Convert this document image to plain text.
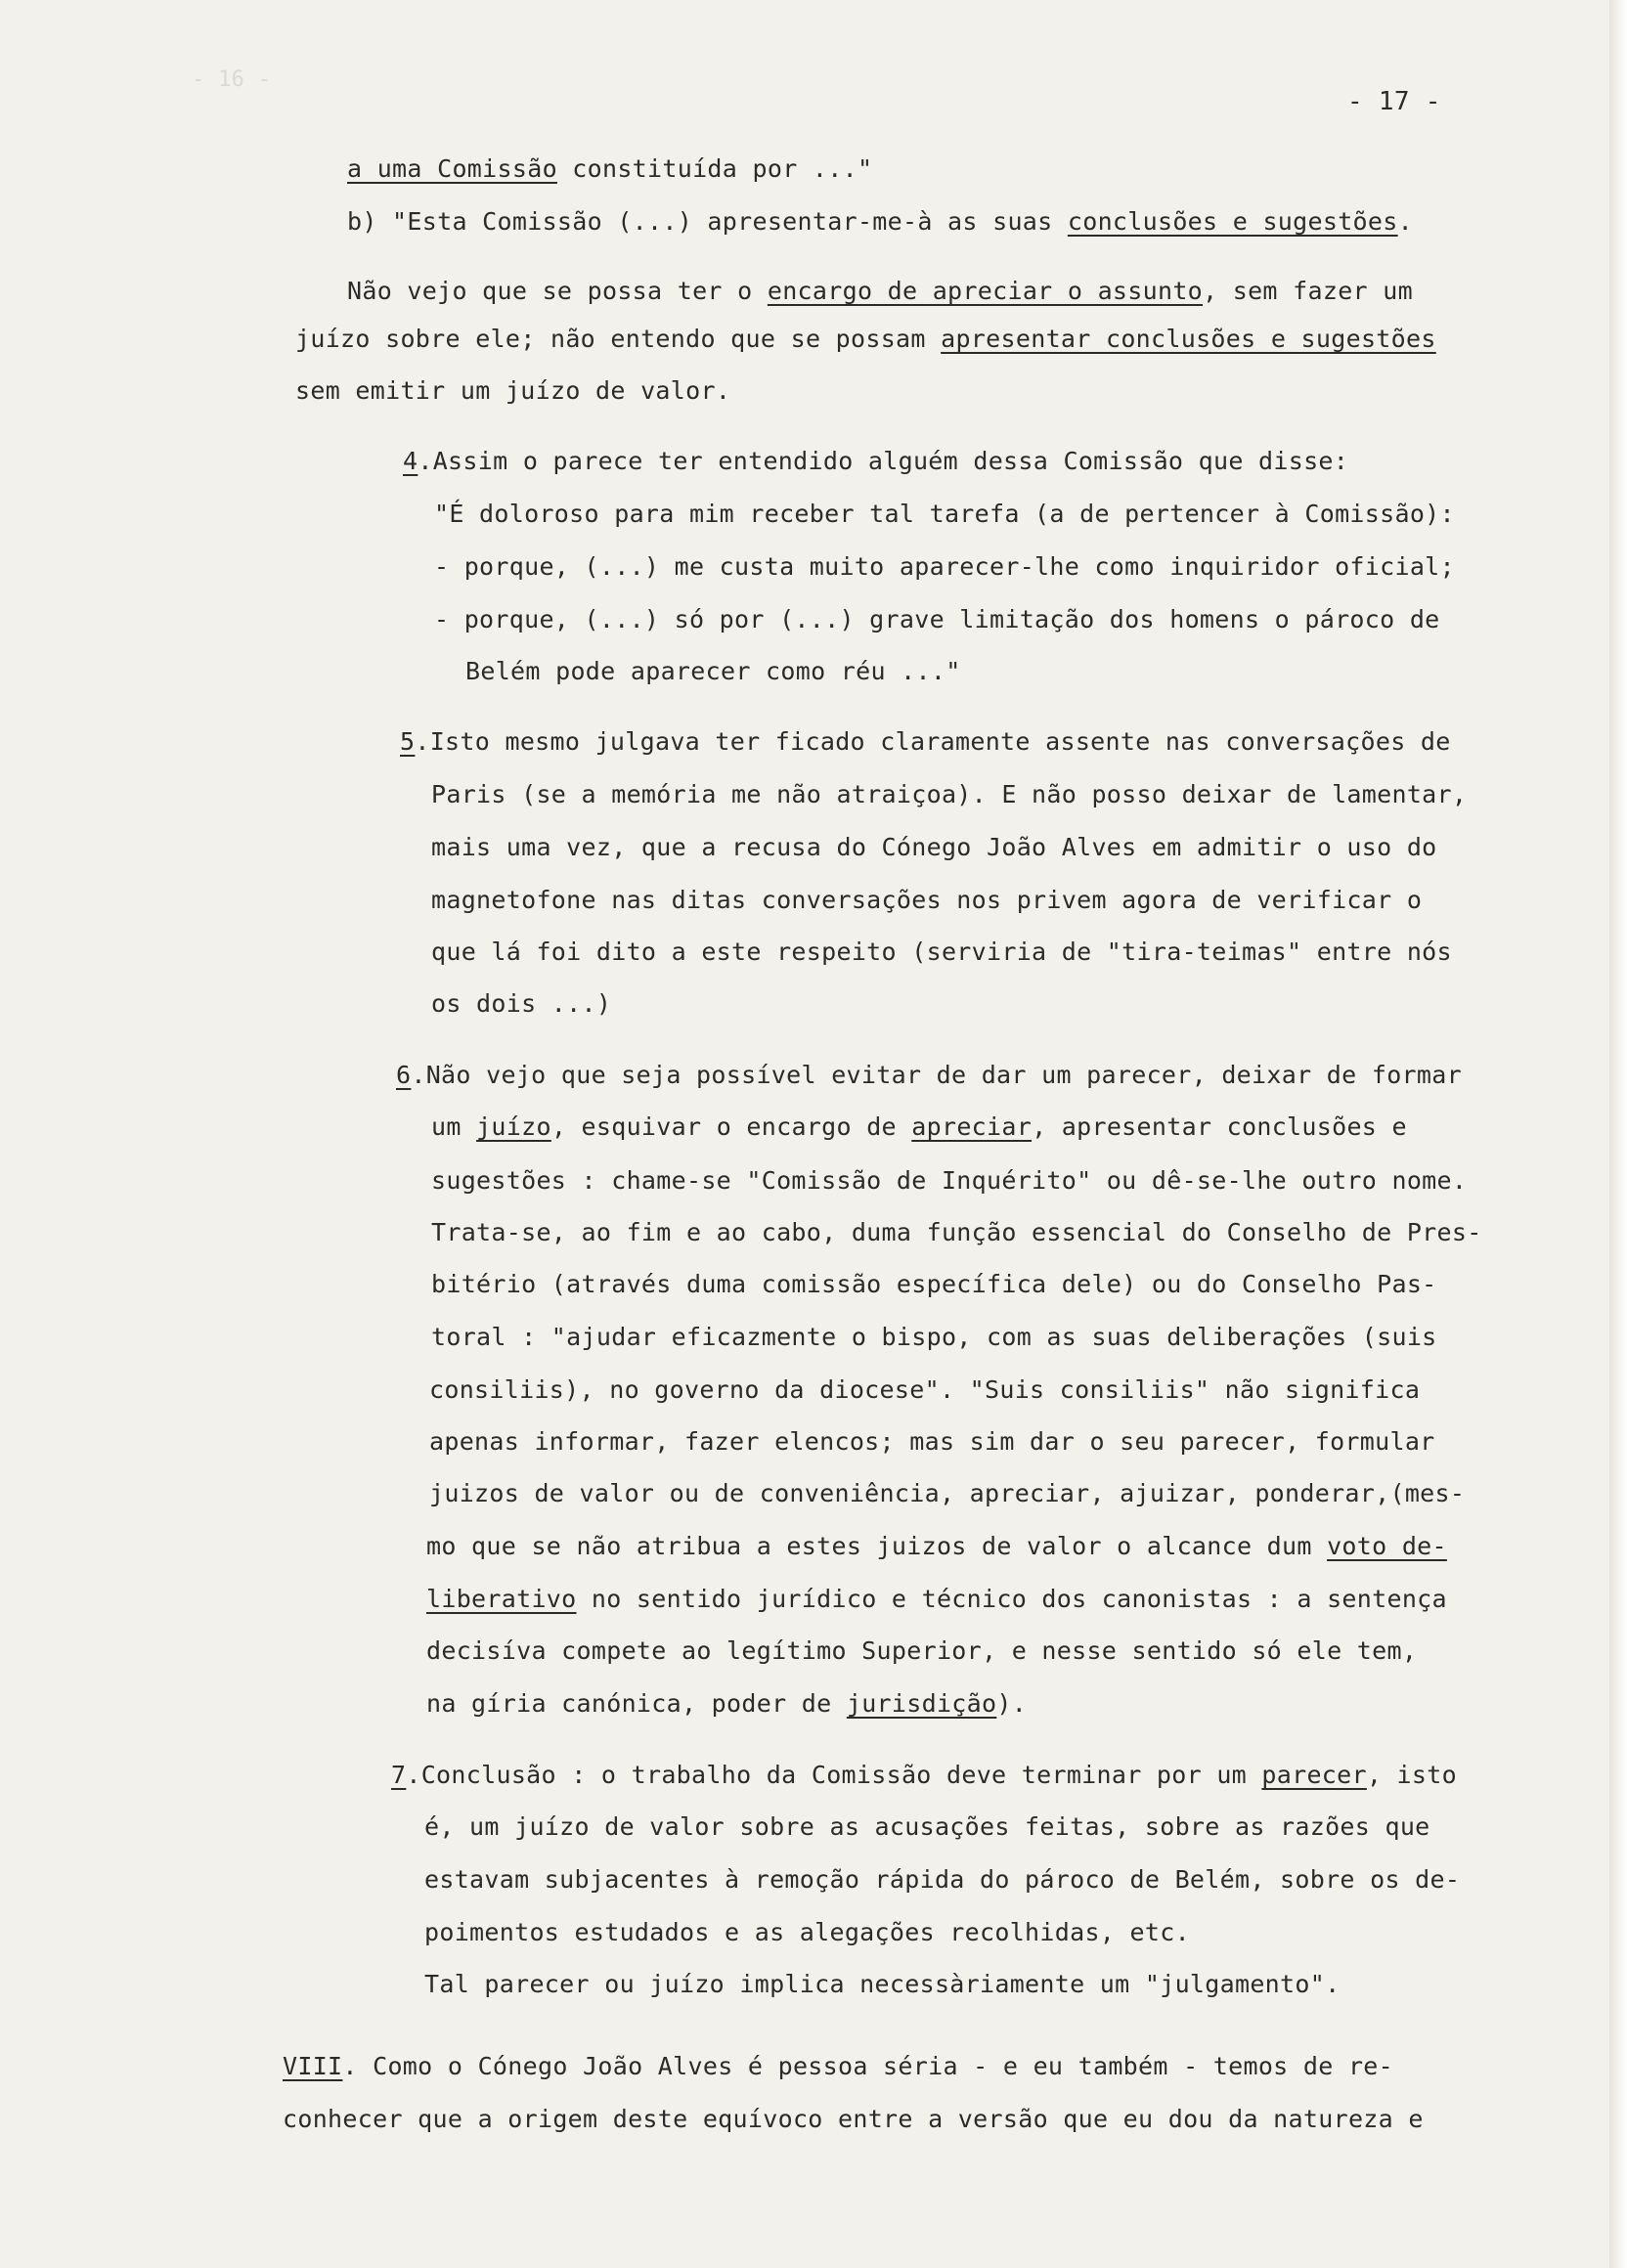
- 16 -
- 17 -
a uma Comissão constituída por ..."
b) "Esta Comissão (...) apresentar-me-à as suas conclusões e sugestões.
Não vejo que se possa ter o encargo de apreciar o assunto, sem fazer um
juízo sobre ele; não entendo que se possam apresentar conclusões e sugestões
sem emitir um juízo de valor.
4.Assim o parece ter entendido alguém dessa Comissão que disse:
"É doloroso para mim receber tal tarefa (a de pertencer à Comissão):
- porque, (...) me custa muito aparecer-lhe como inquiridor oficial;
- porque, (...) só por (...) grave limitação dos homens o pároco de
Belém pode aparecer como réu ..."
5.Isto mesmo julgava ter ficado claramente assente nas conversações de
Paris (se a memória me não atraiçoa). E não posso deixar de lamentar,
mais uma vez, que a recusa do Cónego João Alves em admitir o uso do
magnetofone nas ditas conversações nos privem agora de verificar o
que lá foi dito a este respeito (serviria de "tira-teimas" entre nós
os dois ...)
6.Não vejo que seja possível evitar de dar um parecer, deixar de formar
um juízo, esquivar o encargo de apreciar, apresentar conclusões e
sugestões : chame-se "Comissão de Inquérito" ou dê-se-lhe outro nome.
Trata-se, ao fim e ao cabo, duma função essencial do Conselho de Pres-
bitério (através duma comissão específica dele) ou do Conselho Pas-
toral : "ajudar eficazmente o bispo, com as suas deliberações (suis
consiliis), no governo da diocese". "Suis consiliis" não significa
apenas informar, fazer elencos; mas sim dar o seu parecer, formular
juizos de valor ou de conveniência, apreciar, ajuizar, ponderar,(mes-
mo que se não atribua a estes juizos de valor o alcance dum voto de-
liberativo no sentido jurídico e técnico dos canonistas : a sentença
decisíva compete ao legítimo Superior, e nesse sentido só ele tem,
na gíria canónica, poder de jurisdição).
7.Conclusão : o trabalho da Comissão deve terminar por um parecer, isto
é, um juízo de valor sobre as acusações feitas, sobre as razões que
estavam subjacentes à remoção rápida do pároco de Belém, sobre os de-
poimentos estudados e as alegações recolhidas, etc.
Tal parecer ou juízo implica necessàriamente um "julgamento".
VIII. Como o Cónego João Alves é pessoa séria - e eu também - temos de re-
conhecer que a origem deste equívoco entre a versão que eu dou da natureza e
